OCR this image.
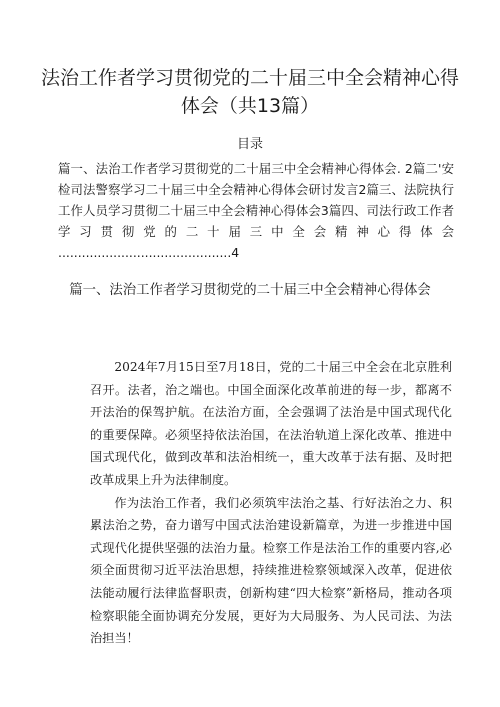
法治工作者学习贯彻党的二十届三中全会精神心得体会（共13篇）
目录
篇一、法治工作者学习贯彻党的二十届三中全会精神心得体会. 2篇二'安检司法警察学习二十届三中全会精神心得体会研讨发言2篇三、法院执行工作人员学习贯彻二十届三中全会精神心得体会3篇四、司法行政工作者学习贯彻党的二十届三中全会精神心得体会 ............................................4
篇一、法治工作者学习贯彻党的二十届三中全会精神心得体会

2024年7月15日至7月18日，党的二十届三中全会在北京胜利召开。法者，治之端也。中国全面深化改革前进的每一步，都离不开法治的保驾护航。在法治方面，全会强调了法治是中国式现代化的重要保障。必须坚持依法治国，在法治轨道上深化改革、推进中国式现代化，做到改革和法治相统一，重大改革于法有据、及时把改革成果上升为法律制度。

作为法治工作者，我们必须筑牢法治之基、行好法治之力、积累法治之势，奋力谱写中国式法治建设新篇章，为进一步推进中国式现代化提供坚强的法治力量。检察工作是法治工作的重要内容,必须全面贯彻习近平法治思想，持续推进检察领域深入改革，促进依法能动履行法律监督职责，创新构建“四大检察”新格局，推动各项检察职能全面协调充分发展，更好为大局服务、为人民司法、为法治担当！
